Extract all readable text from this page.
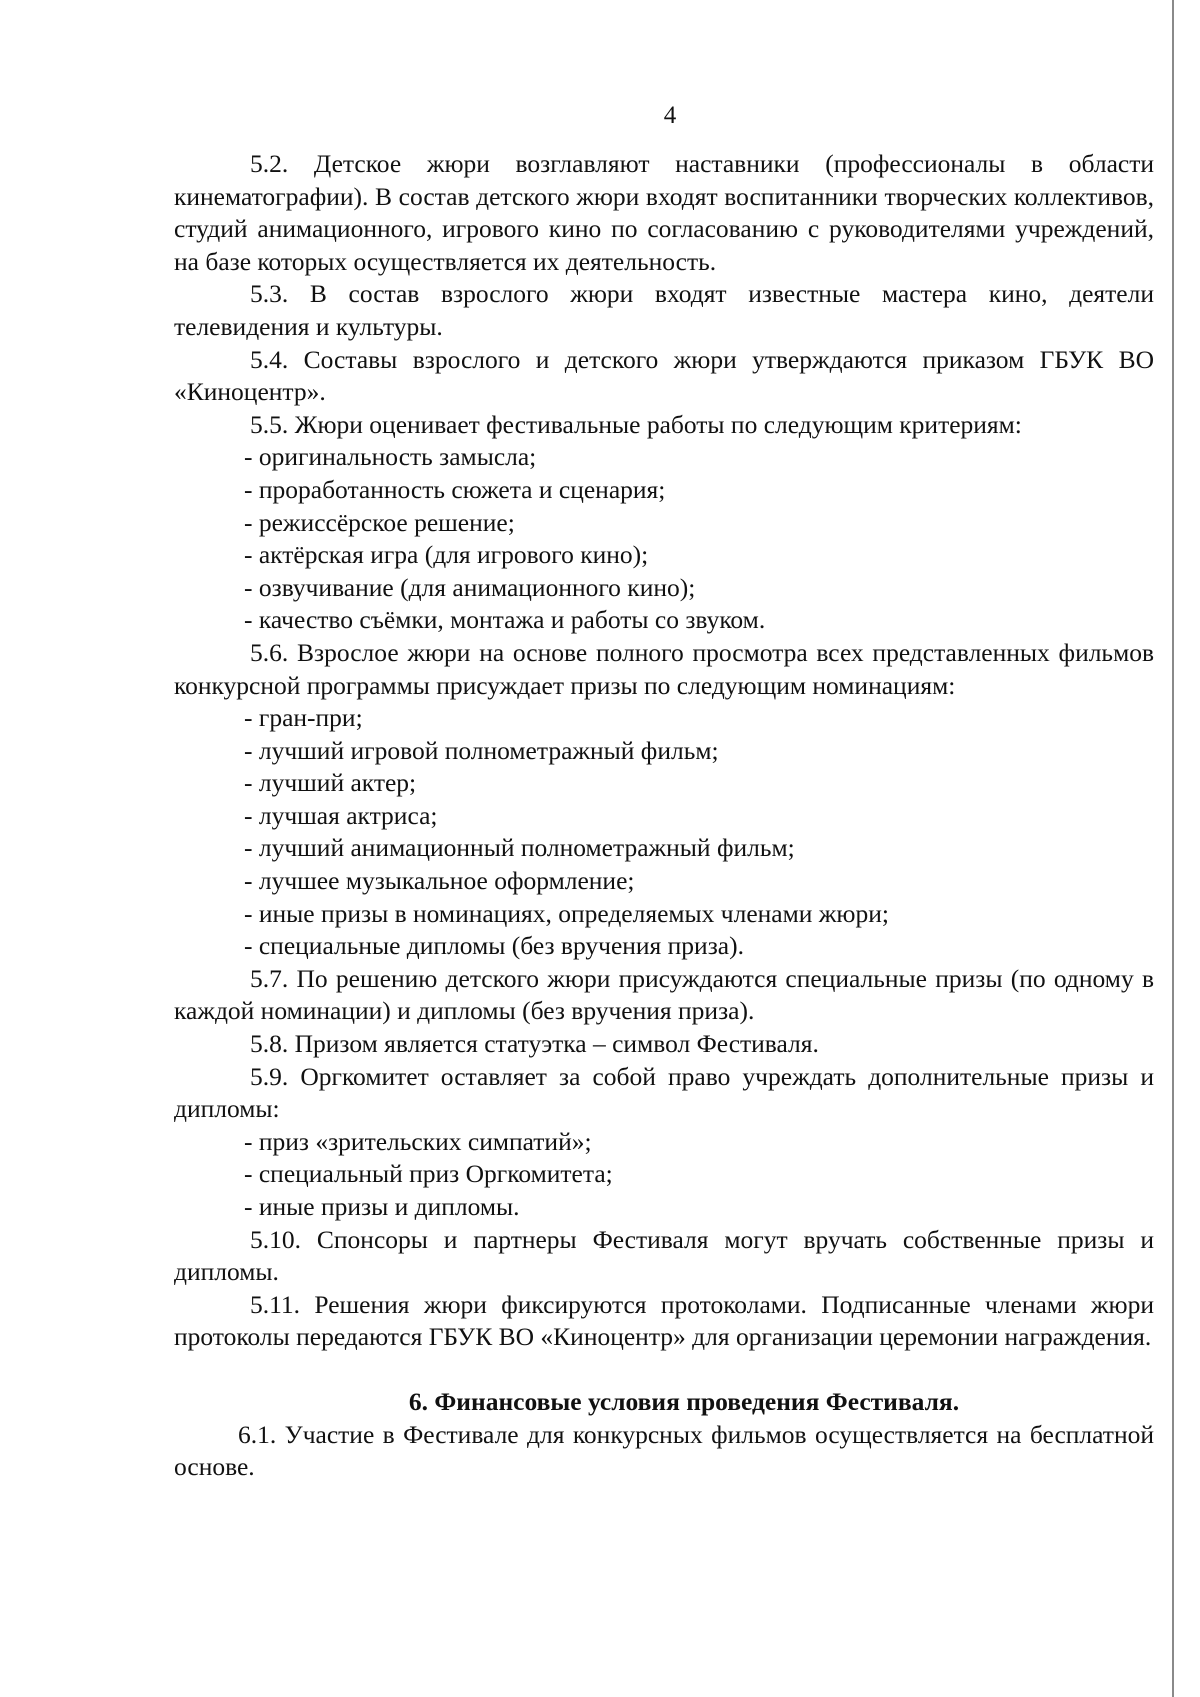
4

5.2. Детское жюри возглавляют наставники (профессионалы в области кинематографии). В состав детского жюри входят воспитанники творческих коллективов, студий анимационного, игрового кино по согласованию с руководителями учреждений, на базе которых осуществляется их деятельность.

5.3. В состав взрослого жюри входят известные мастера кино, деятели телевидения и культуры.

5.4. Составы взрослого и детского жюри утверждаются приказом ГБУК ВО «Киноцентр».

5.5. Жюри оценивает фестивальные работы по следующим критериям:

- оригинальность замысла;

- проработанность сюжета и сценария;

- режиссёрское решение;

- актёрская игра (для игрового кино);

- озвучивание (для анимационного кино);

- качество съёмки, монтажа и работы со звуком.

5.6. Взрослое жюри на основе полного просмотра всех представленных фильмов конкурсной программы присуждает призы по следующим номинациям:

- гран-при;

- лучший игровой полнометражный фильм;

- лучший актер;

- лучшая актриса;

- лучший анимационный полнометражный фильм;

- лучшее музыкальное оформление;

- иные призы в номинациях, определяемых членами жюри;

- специальные дипломы (без вручения приза).

5.7. По решению детского жюри присуждаются специальные призы (по одному в каждой номинации) и дипломы (без вручения приза).

5.8. Призом является статуэтка – символ Фестиваля.

5.9. Оргкомитет оставляет за собой право учреждать дополнительные призы и дипломы:

- приз «зрительских симпатий»;

- специальный приз Оргкомитета;

- иные призы и дипломы.

5.10. Спонсоры и партнеры Фестиваля могут вручать собственные призы и дипломы.

5.11. Решения жюри фиксируются протоколами. Подписанные членами жюри протоколы передаются ГБУК ВО «Киноцентр» для организации церемонии награждения.

6. Финансовые условия проведения Фестиваля.

6.1. Участие в Фестивале для конкурсных фильмов осуществляется на бесплатной основе.
